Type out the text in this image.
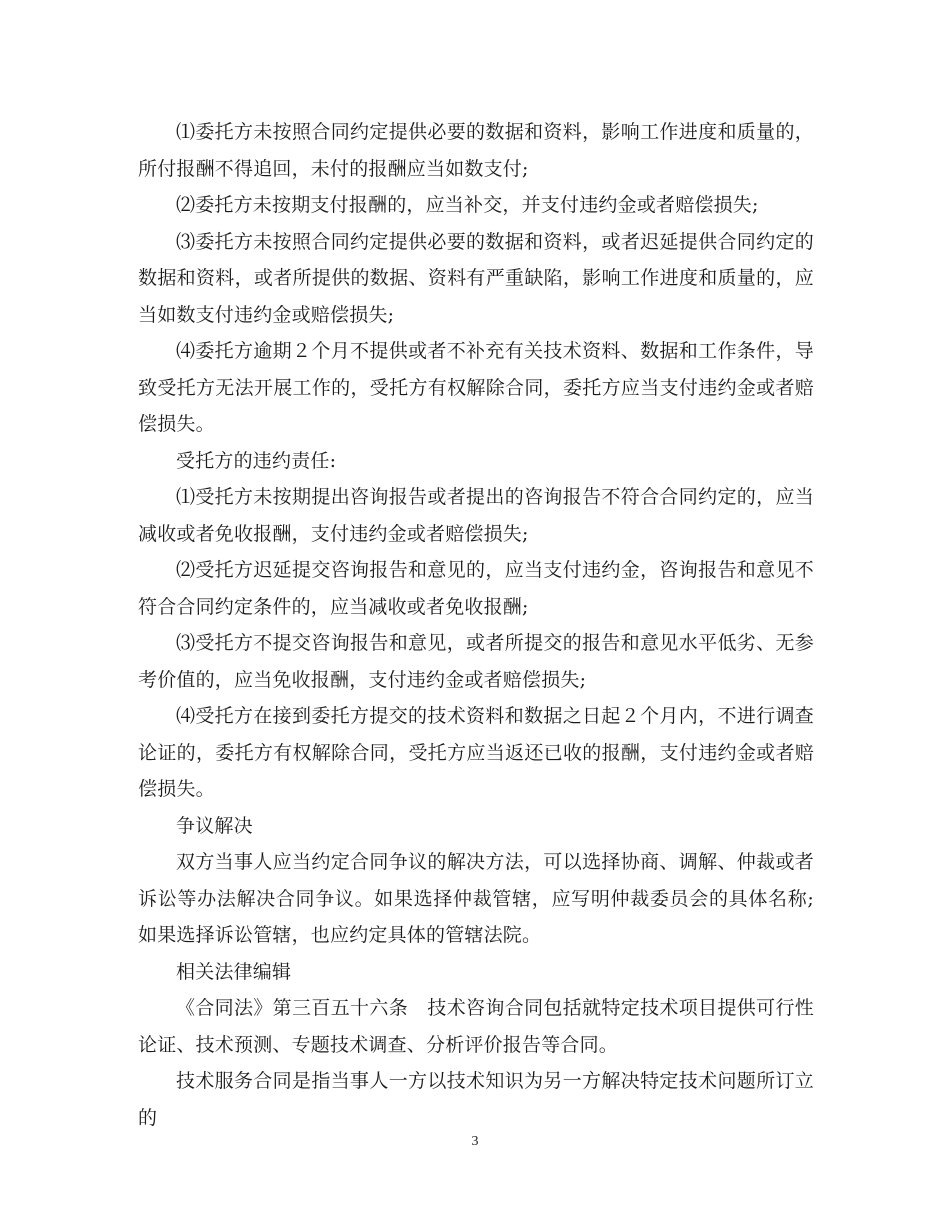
⑴委托方未按照合同约定提供必要的数据和资料，影响工作进度和质量的，所付报酬不得追回，未付的报酬应当如数支付;

⑵委托方未按期支付报酬的，应当补交，并支付违约金或者赔偿损失;

⑶委托方未按照合同约定提供必要的数据和资料，或者迟延提供合同约定的数据和资料，或者所提供的数据、资料有严重缺陷，影响工作进度和质量的，应当如数支付违约金或赔偿损失;

⑷委托方逾期２个月不提供或者不补充有关技术资料、数据和工作条件，导致受托方无法开展工作的，受托方有权解除合同，委托方应当支付违约金或者赔偿损失。

受托方的违约责任:

⑴受托方未按期提出咨询报告或者提出的咨询报告不符合合同约定的，应当减收或者免收报酬，支付违约金或者赔偿损失;

⑵受托方迟延提交咨询报告和意见的，应当支付违约金，咨询报告和意见不符合合同约定条件的，应当减收或者免收报酬;

⑶受托方不提交咨询报告和意见，或者所提交的报告和意见水平低劣、无参考价值的，应当免收报酬，支付违约金或者赔偿损失;

⑷受托方在接到委托方提交的技术资料和数据之日起２个月内，不进行调查论证的，委托方有权解除合同，受托方应当返还已收的报酬，支付违约金或者赔偿损失。

争议解决

双方当事人应当约定合同争议的解决方法，可以选择协商、调解、仲裁或者诉讼等办法解决合同争议。如果选择仲裁管辖，应写明仲裁委员会的具体名称;如果选择诉讼管辖，也应约定具体的管辖法院。

相关法律编辑

《合同法》第三百五十六条　技术咨询合同包括就特定技术项目提供可行性论证、技术预测、专题技术调查、分析评价报告等合同。

技术服务合同是指当事人一方以技术知识为另一方解决特定技术问题所订立的

3
